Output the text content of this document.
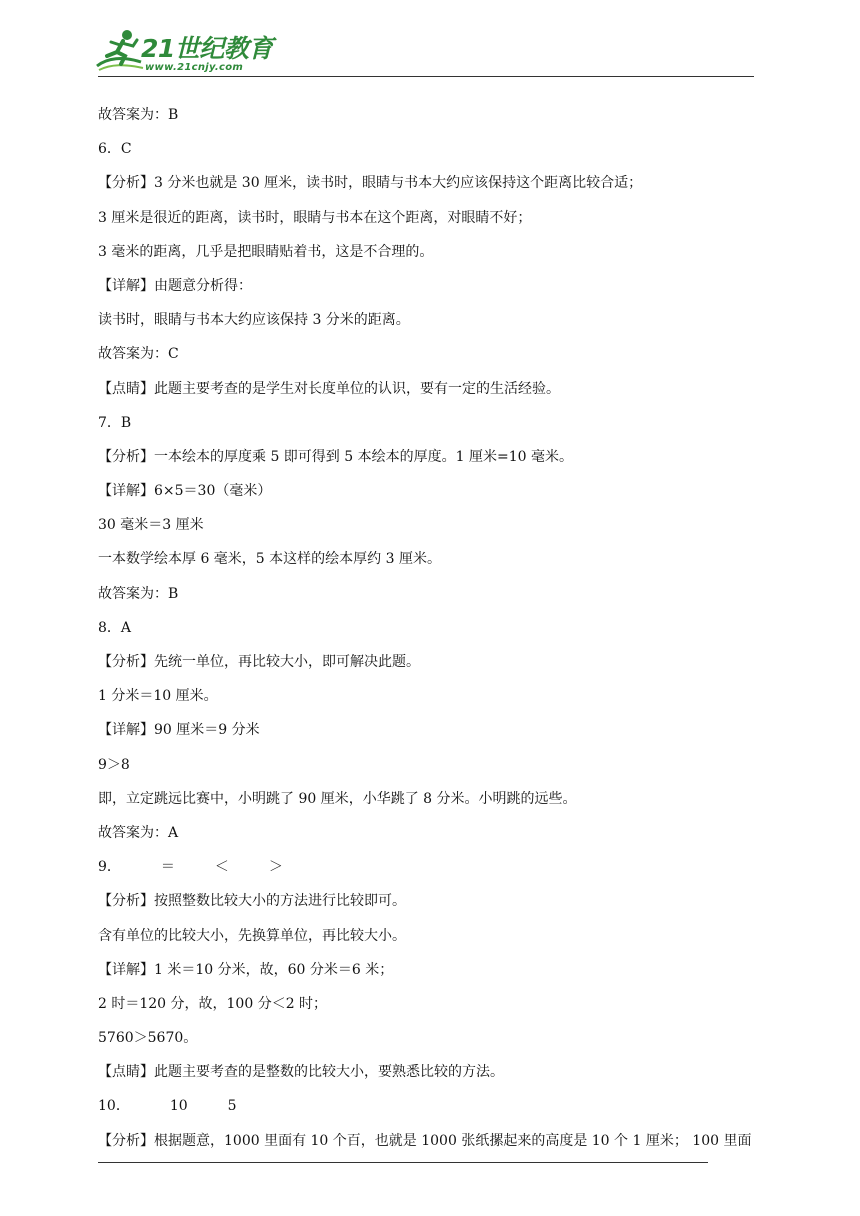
21世纪教育
www.21cnjy.com
故答案为：B
6．C
【分析】3 分米也就是 30 厘米，读书时，眼睛与书本大约应该保持这个距离比较合适；
3 厘米是很近的距离，读书时，眼睛与书本在这个距离，对眼睛不好；
3 毫米的距离，几乎是把眼睛贴着书，这是不合理的。
【详解】由题意分析得：
读书时，眼睛与书本大约应该保持 3 分米的距离。
故答案为：C
【点睛】此题主要考查的是学生对长度单位的认识，要有一定的生活经验。
7．B
【分析】一本绘本的厚度乘 5 即可得到 5 本绘本的厚度。1 厘米=10 毫米。
【详解】6×5＝30（毫米）
30 毫米＝3 厘米
一本数学绘本厚 6 毫米，5 本这样的绘本厚约 3 厘米。
故答案为：B
8．A
【分析】先统一单位，再比较大小，即可解决此题。
1 分米＝10 厘米。
【详解】90 厘米＝9 分米
9＞8
即，立定跳远比赛中，小明跳了 90 厘米，小华跳了 8 分米。小明跳的远些。
故答案为：A
9．	＝	＜	＞
【分析】按照整数比较大小的方法进行比较即可。
含有单位的比较大小，先换算单位，再比较大小。
【详解】1 米＝10 分米，故，60 分米＝6 米；
2 时＝120 分，故，100 分＜2 时；
5760＞5670。
【点睛】此题主要考查的是整数的比较大小，要熟悉比较的方法。
10．	10	5
【分析】根据题意，1000 里面有 10 个百，也就是 1000 张纸摞起来的高度是 10 个 1 厘米； 100 里面
